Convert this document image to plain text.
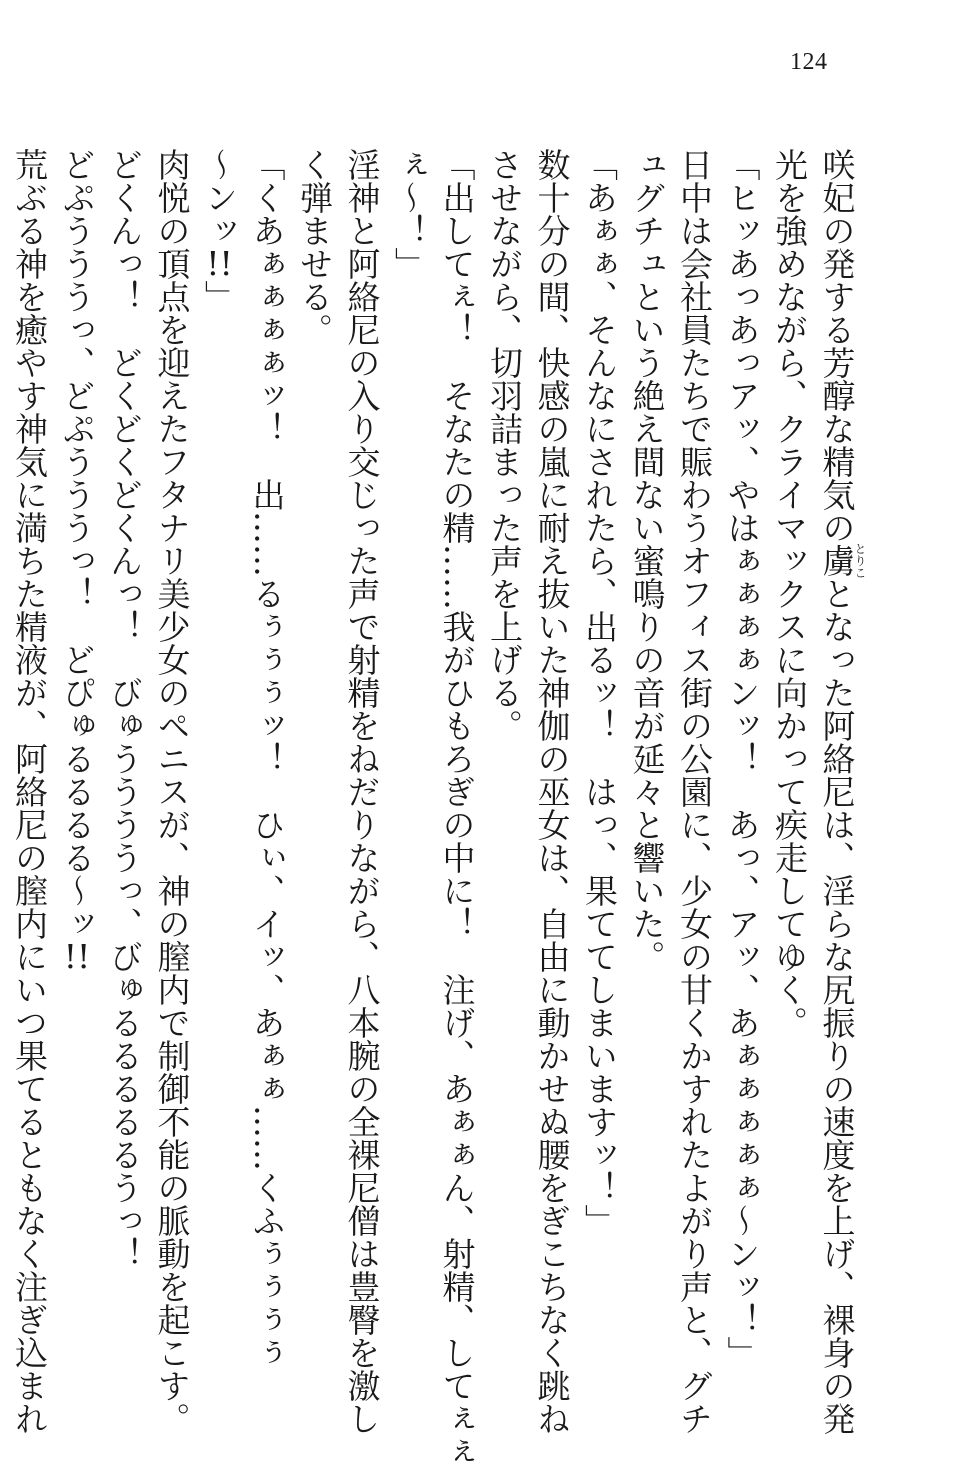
124
咲妃の発する芳醇な精気の虜とりことなった阿絡尼は、淫らな尻振りの速度を上げ、裸身の発
光を強めながら、クライマックスに向かって疾走してゆく。
「ヒッあっあっアッ、やはぁぁぁぁンッ！　あっ、アッ、あぁぁぁぁぁ～ンッ！」
日中は会社員たちで賑わうオフィス街の公園に、少女の甘くかすれたよがり声と、グチ
ュグチュという絶え間ない蜜鳴りの音が延々と響いた。
「あぁぁ、そんなにされたら、出るッ！　はっ、果ててしまいますッ！」
数十分の間、快感の嵐に耐え抜いた神伽の巫女は、自由に動かせぬ腰をぎこちなく跳ね
させながら、切羽詰まった声を上げる。
「出してぇ！　そなたの精……我がひもろぎの中に！　注げ、あぁぁん、射精、してぇぇ
ぇ～！」
淫神と阿絡尼の入り交じった声で射精をねだりながら、八本腕の全裸尼僧は豊臀を激し
く弾ませる。
「くあぁぁぁぁッ！　出……るぅぅぅッ！　ひぃ、イッ、あぁぁ……くふぅぅぅぅ
～ンッ!!」
肉悦の頂点を迎えたフタナリ美少女のペニスが、神の膣内で制御不能の脈動を起こす。
どくんっ！　どくどくどくんっ！　びゅううううっ、びゅるるるるるうっ！
どぷうううっ、どぷうううっ！　どぴゅるるるる～ッ!!
荒ぶる神を癒やす神気に満ちた精液が、阿絡尼の膣内にいつ果てるともなく注ぎ込まれ
